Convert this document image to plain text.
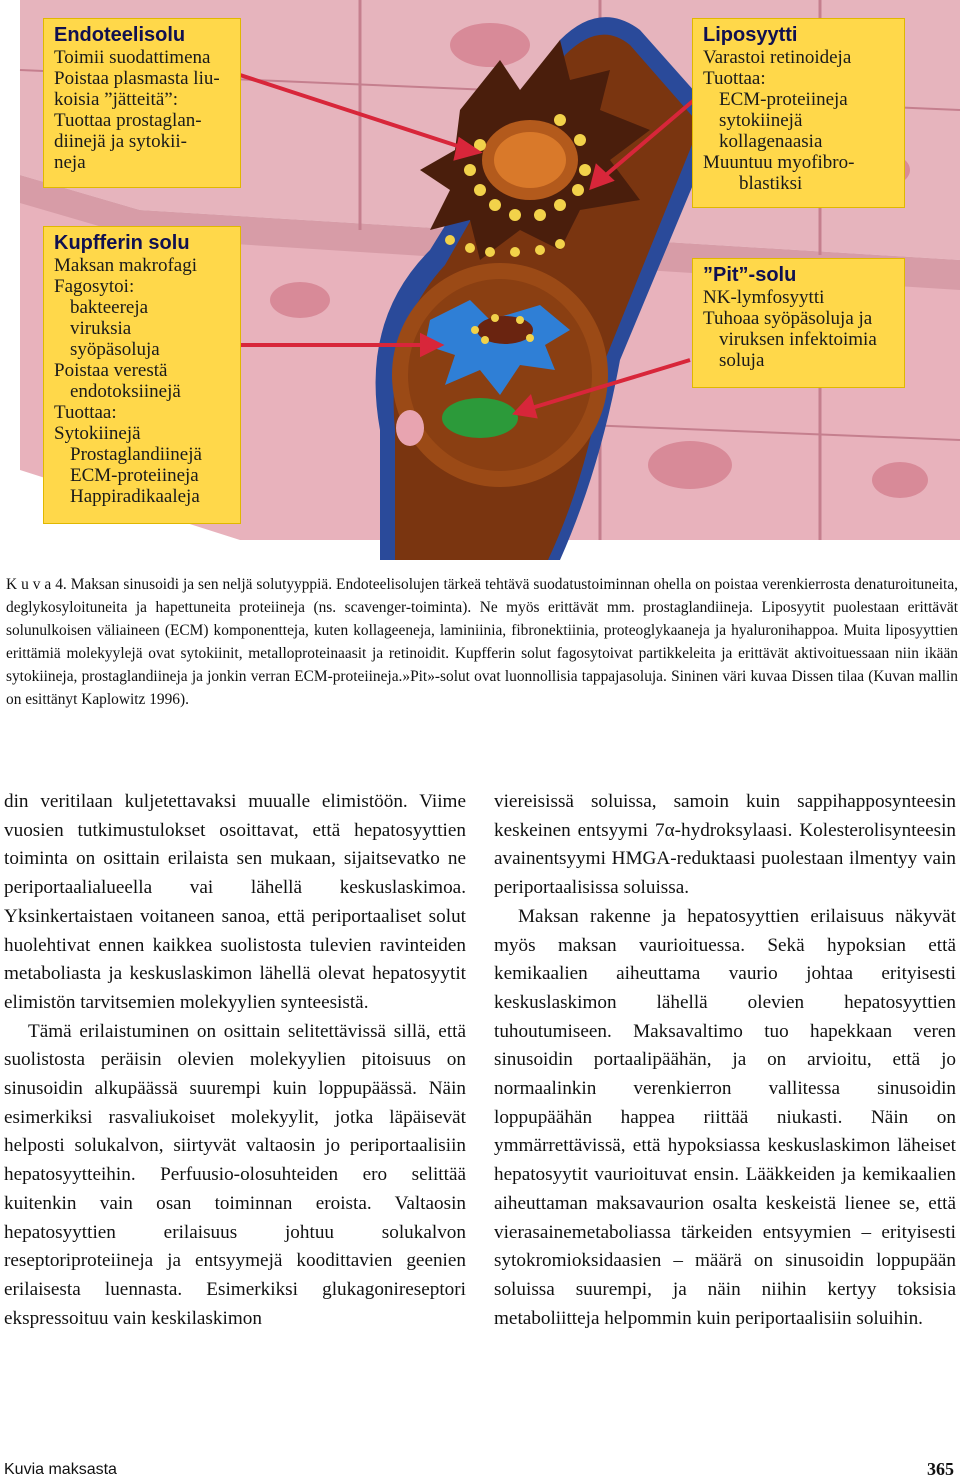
Endoteelisolu
Toimii suodattimena
Poistaa plasmasta liu-
koisia ”jätteitä”:
Tuottaa prostaglan-
diinejä ja sytokii-
neja
Liposyytti
Varastoi retinoideja
Tuottaa:
ECM-proteiineja
sytokiinejä
kollagenaasia
Muuntuu myofibro-
blastiksi
Kupfferin solu
Maksan makrofagi
Fagosytoi:
bakteereja
viruksia
syöpäsoluja
Poistaa verestä
endotoksiinejä
Tuottaa:
Sytokiinejä
Prostaglandiinejä
ECM-proteiineja
Happiradikaaleja
”Pit”-solu
NK-lymfosyytti
Tuhoaa syöpäsoluja ja
viruksen infektoimia
soluja
K u v a 4. Maksan sinusoidi ja sen neljä solutyyppiä. Endoteelisolujen tärkeä tehtävä suodatustoiminnan ohella on poistaa verenkierrosta denaturoituneita, deglykosyloituneita ja hapettuneita proteiineja (ns. scavenger-toiminta). Ne myös erittävät mm. prostaglandiineja. Liposyytit puolestaan erittävät solunulkoisen väliaineen (ECM) komponentteja, kuten kollageeneja, laminiinia, fibronektiinia, proteoglykaaneja ja hyaluronihappoa. Muita liposyyttien erittämiä molekyylejä ovat sytokiinit, metalloproteinaasit ja retinoidit. Kupfferin solut fagosytoivat partikkeleita ja erittävät aktivoituessaan niin ikään sytokiineja, prostaglandiineja ja jonkin verran ECM-proteiineja.»Pit»-solut ovat luonnollisia tappajasoluja. Sininen väri kuvaa Dissen tilaa (Kuvan mallin on esittänyt Kaplowitz 1996).

din veritilaan kuljetettavaksi muualle elimistöön. Viime vuosien tutkimustulokset osoittavat, että hepatosyyttien toiminta on osittain erilaista sen mukaan, sijaitsevatko ne periportaalialueella vai lähellä keskuslaskimoa. Yksinkertaistaen voitaneen sanoa, että periportaaliset solut huolehtivat ennen kaikkea suolistosta tulevien ravinteiden metaboliasta ja keskuslaskimon lähellä olevat hepatosyytit elimistön tarvitsemien molekyylien synteesistä.

Tämä erilaistuminen on osittain selitettävissä sillä, että suolistosta peräisin olevien molekyylien pitoisuus on sinusoidin alkupäässä suurempi kuin loppupäässä. Näin esimerkiksi rasvaliukoiset molekyylit, jotka läpäisevät helposti solukalvon, siirtyvät valtaosin jo periportaalisiin hepatosyytteihin. Perfuusio-olosuhteiden ero selittää kuitenkin vain osan toiminnan eroista. Valtaosin hepatosyyttien erilaisuus johtuu solukalvon reseptoriproteiineja ja entsyymejä koodittavien geenien erilaisesta luennasta. Esimerkiksi glukagonireseptori ekspressoituu vain keskilaskimon

viereisissä soluissa, samoin kuin sappihapposynteesin keskeinen entsyymi 7α-hydroksylaasi. Kolesterolisynteesin avainentsyymi HMGA-reduktaasi puolestaan ilmentyy vain periportaalisissa soluissa.

Maksan rakenne ja hepatosyyttien erilaisuus näkyvät myös maksan vaurioituessa. Sekä hypoksian että kemikaalien aiheuttama vaurio johtaa erityisesti keskuslaskimon lähellä olevien hepatosyyttien tuhoutumiseen. Maksavaltimo tuo hapekkaan veren sinusoidin portaalipäähän, ja on arvioitu, että jo normaalinkin verenkierron vallitessa sinusoidin loppupäähän happea riittää niukasti. Näin on ymmärrettävissä, että hypoksiassa keskuslaskimon läheiset hepatosyytit vaurioituvat ensin. Lääkkeiden ja kemikaalien aiheuttaman maksavaurion osalta keskeistä lienee se, että vierasainemetaboliassa tärkeiden entsyymien – erityisesti sytokromioksidaasien – määrä on sinusoidin loppupään soluissa suurempi, ja näin niihin kertyy toksisia metaboliitteja helpommin kuin periportaalisiin soluihin.

Kuvia maksasta	365
